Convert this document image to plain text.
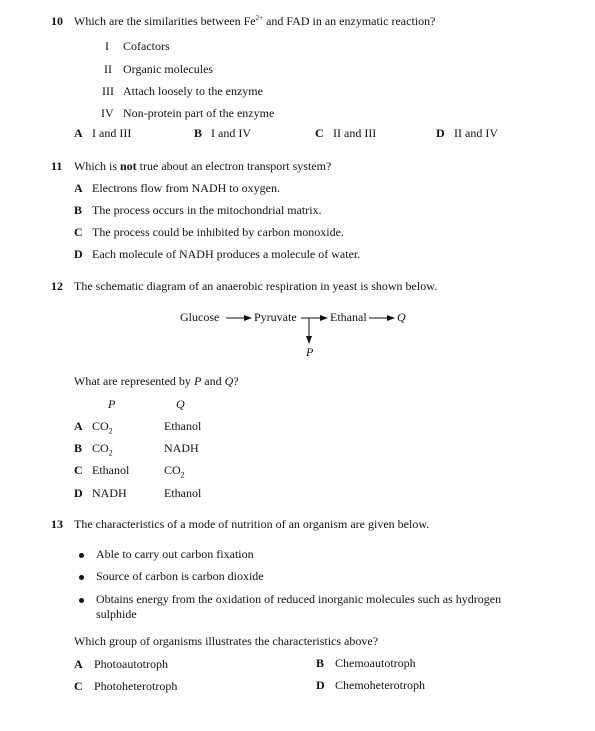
10 Which are the similarities between $Fe^{2+}$ and FAD in an enzymatic reaction?
I Cofactors
II Organic molecules
III Attach loosely to the enzyme
IV Non-protein part of the enzyme
A I and III	B I and IV	C II and III	D II and IV
11 Which is not true about an electron transport system?
A Electrons flow from NADH to oxygen.
B The process occurs in the mitochondrial matrix.
C The process could be inhibited by carbon monoxide.
D Each molecule of NADH produces a molecule of water.
12 The schematic diagram of an anaerobic respiration in yeast is shown below.
Glucose	Pyruvate	Ethanal	Q
P
What are represented by P and Q?
P	Q
A $CO_2$	Ethanol
B $CO_2$	NADH
C Ethanol	$CO_2$
D NADH	Ethanol
13 The characteristics of a mode of nutrition of an organism are given below.
Able to carry out carbon fixation
Source of carbon is carbon dioxide
Obtains energy from the oxidation of reduced inorganic molecules such as hydrogen
sulphide
Which group of organisms illustrates the characteristics above?
A Photoautotroph	B Chemoautotroph
C Photoheterotroph	D Chemoheterotroph
